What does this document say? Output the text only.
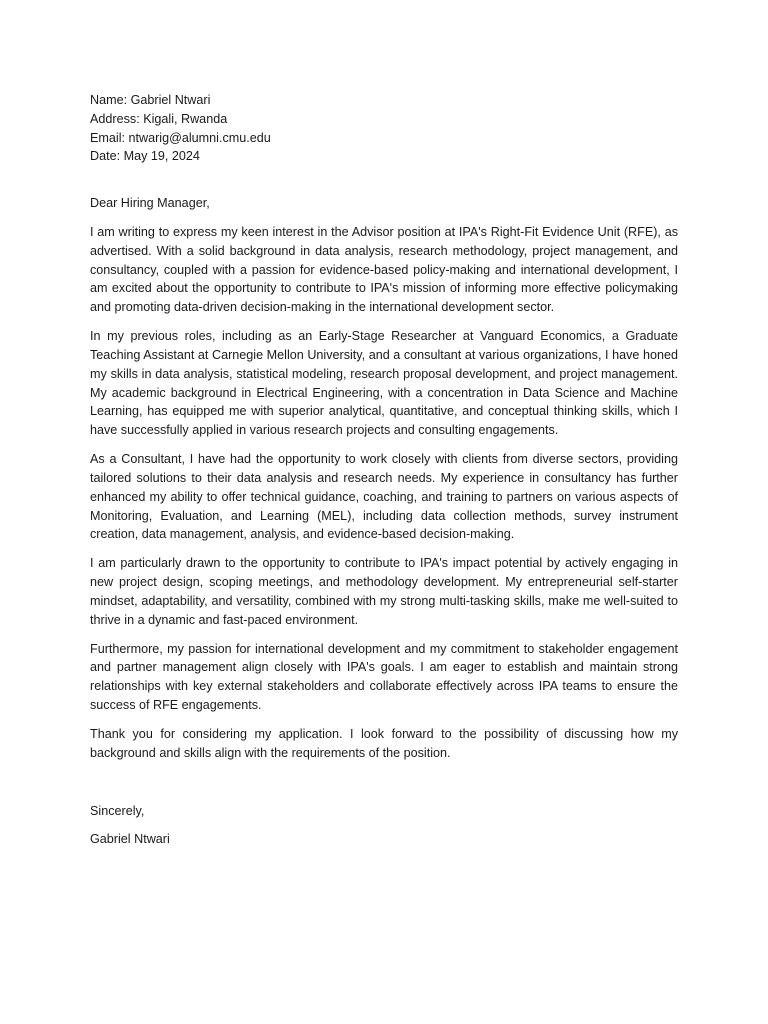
Name: Gabriel Ntwari
Address: Kigali, Rwanda
Email: ntwarig@alumni.cmu.edu
Date: May 19, 2024
Dear Hiring Manager,

I am writing to express my keen interest in the Advisor position at IPA's Right-Fit Evidence Unit (RFE), as advertised. With a solid background in data analysis, research methodology, project management, and consultancy, coupled with a passion for evidence-based policy-making and international development, I am excited about the opportunity to contribute to IPA's mission of informing more effective policymaking and promoting data-driven decision-making in the international development sector.

In my previous roles, including as an Early-Stage Researcher at Vanguard Economics, a Graduate Teaching Assistant at Carnegie Mellon University, and a consultant at various organizations, I have honed my skills in data analysis, statistical modeling, research proposal development, and project management. My academic background in Electrical Engineering, with a concentration in Data Science and Machine Learning, has equipped me with superior analytical, quantitative, and conceptual thinking skills, which I have successfully applied in various research projects and consulting engagements.

As a Consultant, I have had the opportunity to work closely with clients from diverse sectors, providing tailored solutions to their data analysis and research needs. My experience in consultancy has further enhanced my ability to offer technical guidance, coaching, and training to partners on various aspects of Monitoring, Evaluation, and Learning (MEL), including data collection methods, survey instrument creation, data management, analysis, and evidence-based decision-making.

I am particularly drawn to the opportunity to contribute to IPA's impact potential by actively engaging in new project design, scoping meetings, and methodology development. My entrepreneurial self-starter mindset, adaptability, and versatility, combined with my strong multi-tasking skills, make me well-suited to thrive in a dynamic and fast-paced environment.

Furthermore, my passion for international development and my commitment to stakeholder engagement and partner management align closely with IPA's goals. I am eager to establish and maintain strong relationships with key external stakeholders and collaborate effectively across IPA teams to ensure the success of RFE engagements.

Thank you for considering my application. I look forward to the possibility of discussing how my background and skills align with the requirements of the position.

Sincerely,
Gabriel Ntwari
